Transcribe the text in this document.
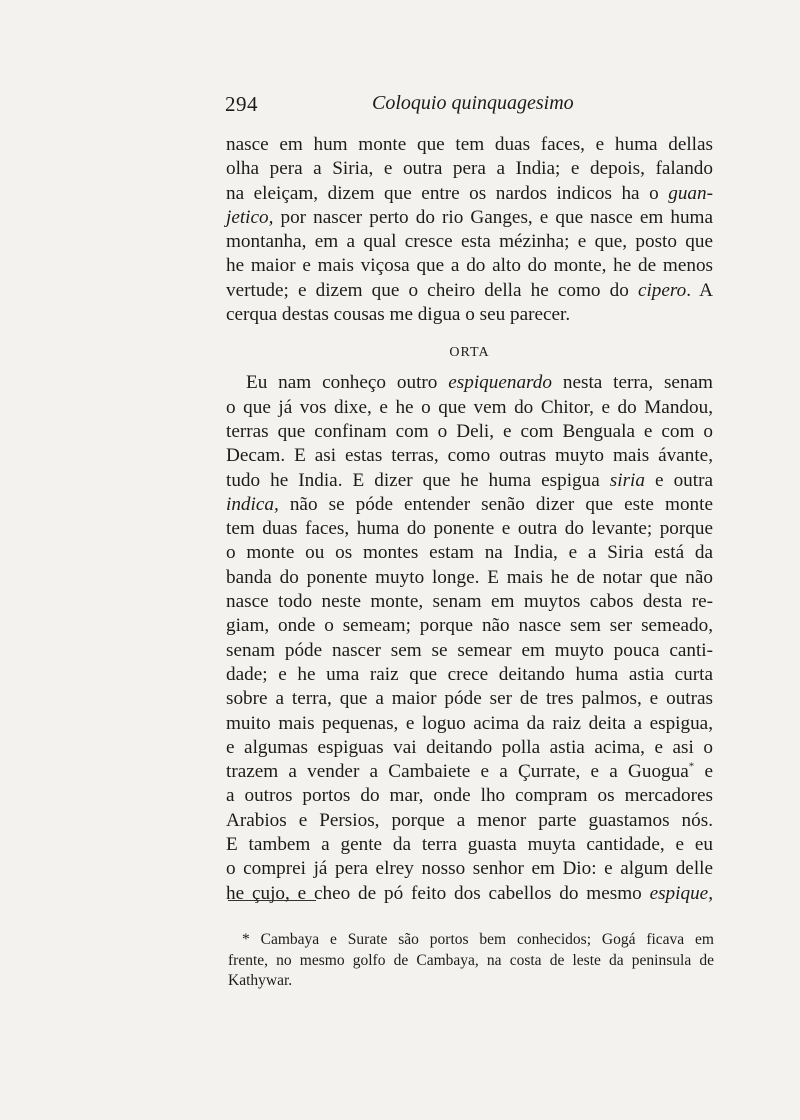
294	Coloquio quinquagesimo
nasce em hum monte que tem duas faces, e huma dellas
olha pera a Siria, e outra pera a India; e depois, falando
na eleiçam, dizem que entre os nardos indicos ha o guan-
jetico, por nascer perto do rio Ganges, e que nasce em huma
montanha, em a qual cresce esta mézinha; e que, posto que
he maior e mais viçosa que a do alto do monte, he de menos
vertude; e dizem que o cheiro della he como do cipero. A
cerqua destas cousas me digua o seu parecer.
ORTA
Eu nam conheço outro espiquenardo nesta terra, senam
o que já vos dixe, e he o que vem do Chitor, e do Mandou,
terras que confinam com o Deli, e com Benguala e com o
Decam. E asi estas terras, como outras muyto mais ávante,
tudo he India. E dizer que he huma espigua siria e outra
indica, não se póde entender senão dizer que este monte
tem duas faces, huma do ponente e outra do levante; porque
o monte ou os montes estam na India, e a Siria está da
banda do ponente muyto longe. E mais he de notar que não
nasce todo neste monte, senam em muytos cabos desta re-
giam, onde o semeam; porque não nasce sem ser semeado,
senam póde nascer sem se semear em muyto pouca canti-
dade; e he uma raiz que crece deitando huma astia curta
sobre a terra, que a maior póde ser de tres palmos, e outras
muito mais pequenas, e loguo acima da raiz deita a espigua,
e algumas espiguas vai deitando polla astia acima, e asi o
trazem a vender a Cambaiete e a Çurrate, e a Guogua* e
a outros portos do mar, onde lho compram os mercadores
Arabios e Persios, porque a menor parte guastamos nós.
E tambem a gente da terra guasta muyta cantidade, e eu
o comprei já pera elrey nosso senhor em Dio: e algum delle
he çujo, e cheo de pó feito dos cabellos do mesmo espique,
* Cambaya e Surate são portos bem conhecidos; Gogá ficava em
frente, no mesmo golfo de Cambaya, na costa de leste da peninsula de
Kathywar.
